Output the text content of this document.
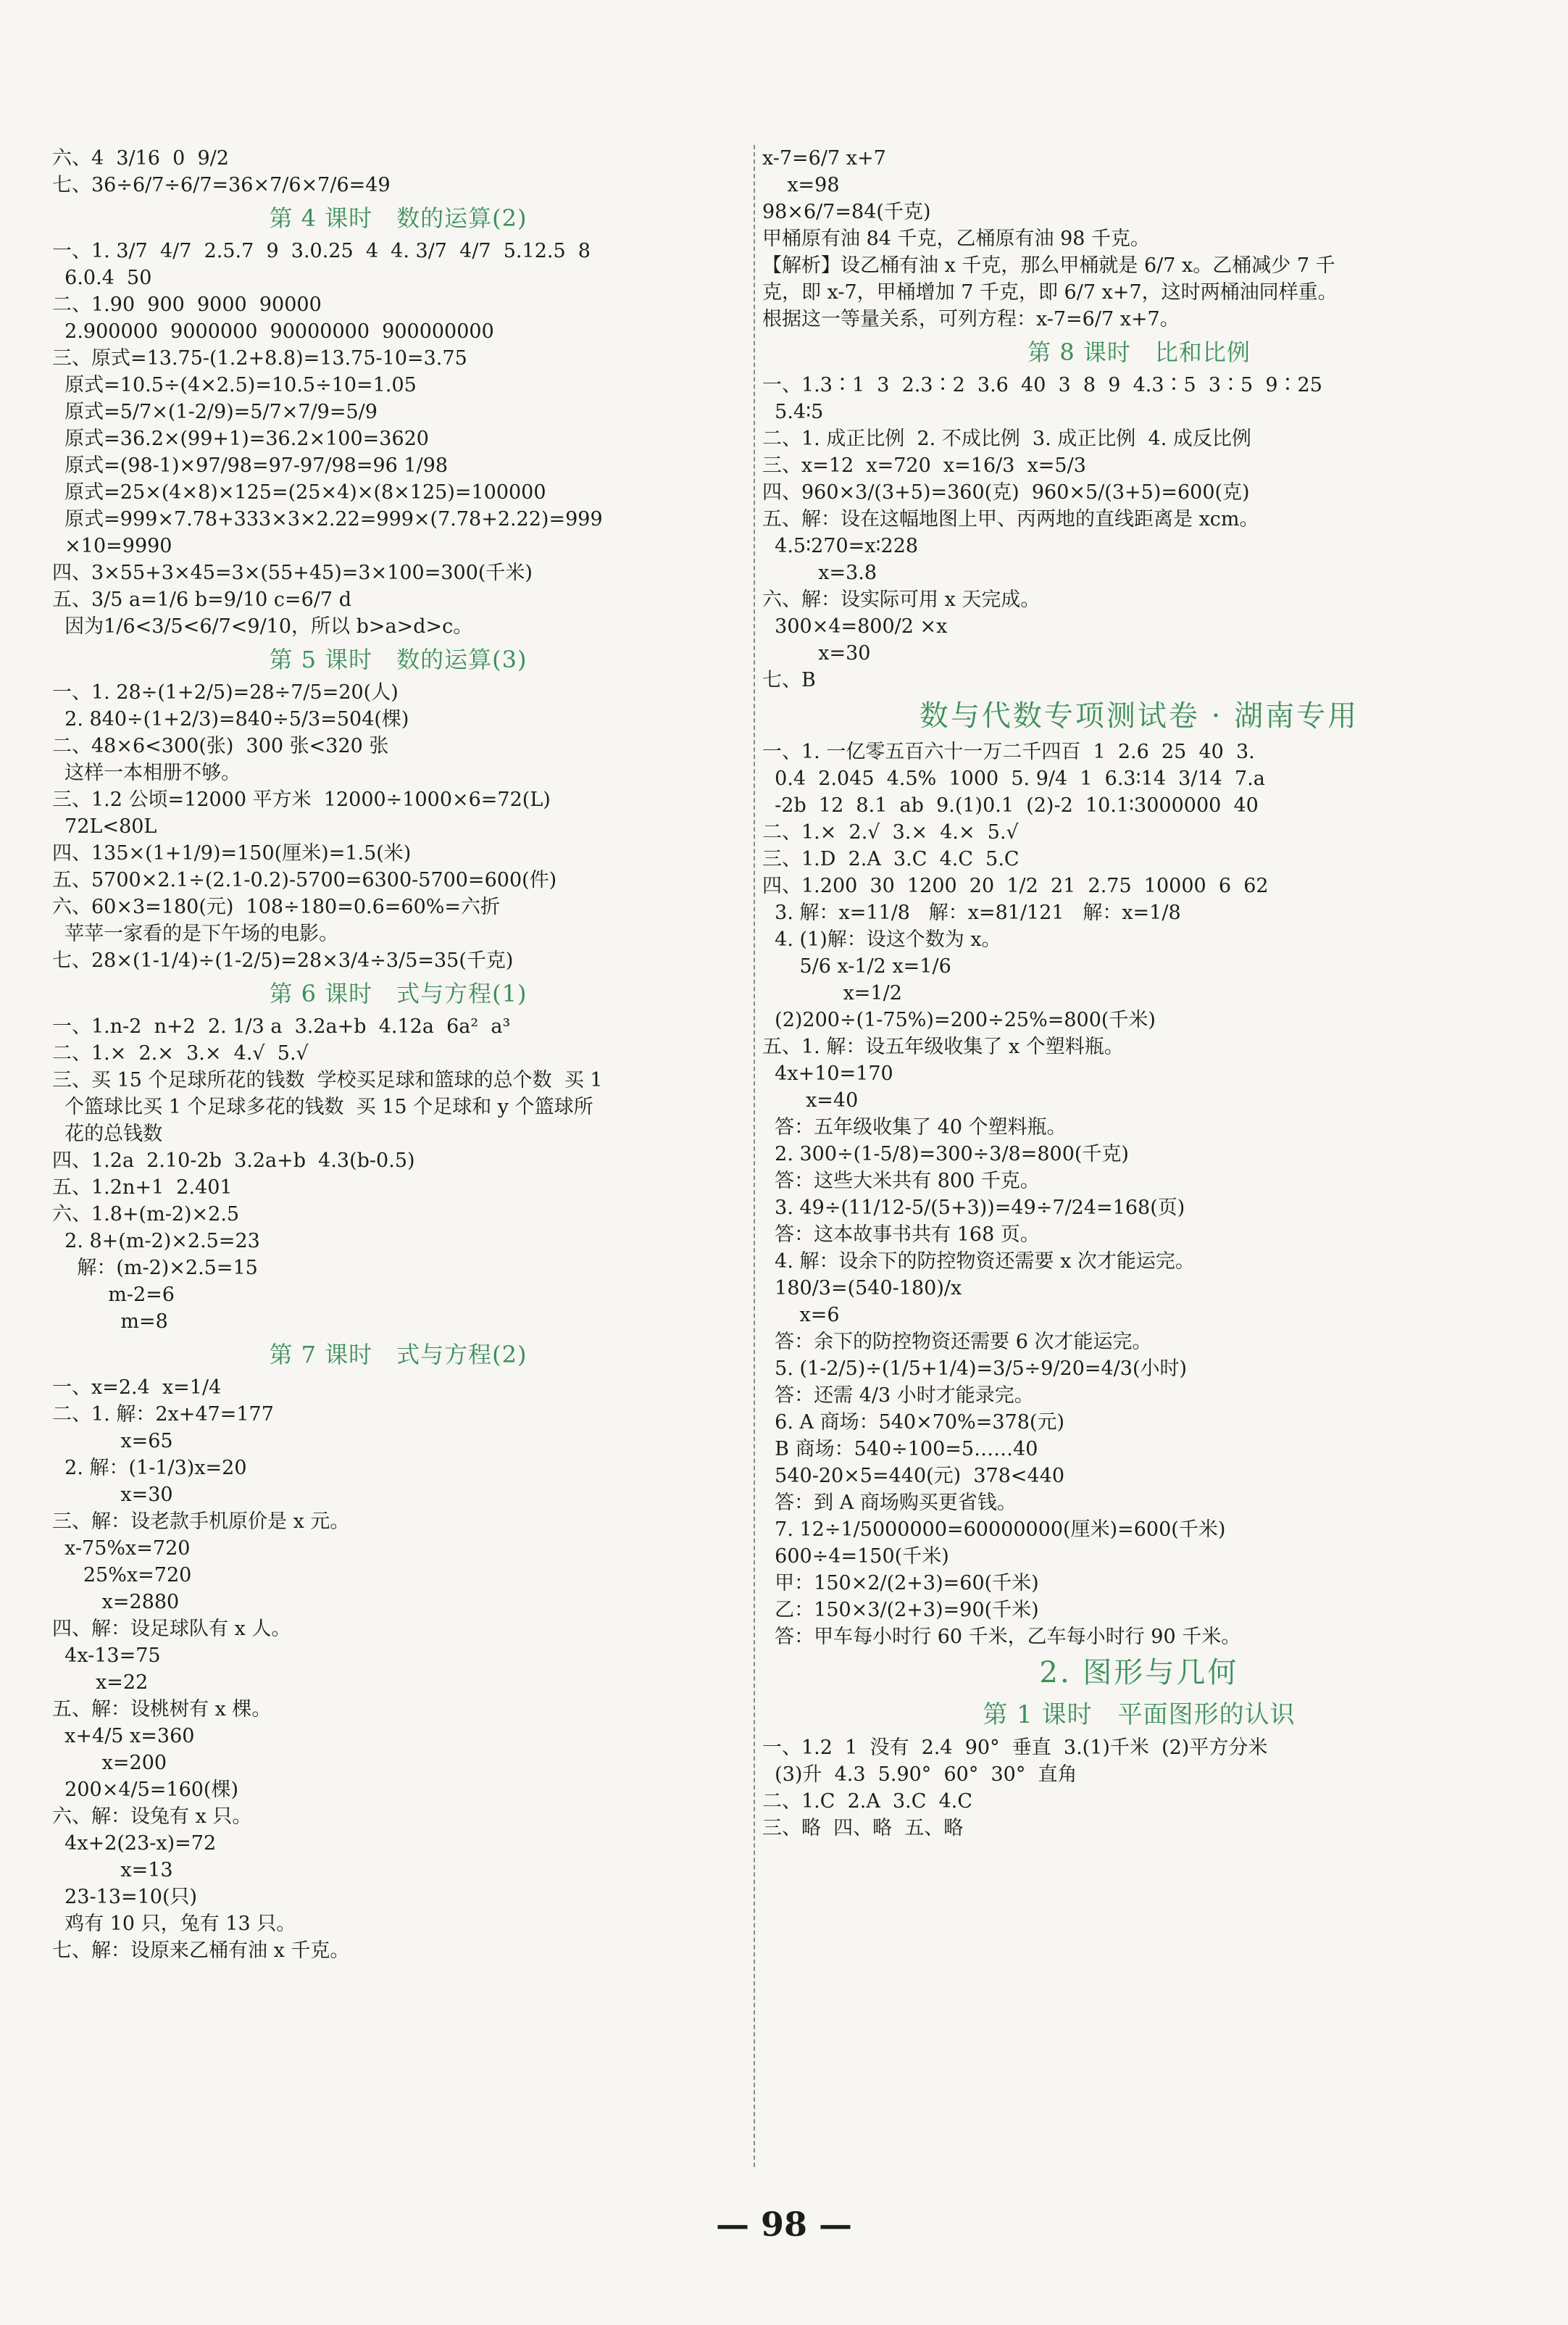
六、4  3/16  0  9/2
七、36÷6/7÷6/7=36×7/6×7/6=49
第 4 课时　数的运算(2)
一、1. 3/7  4/7  2.5.7  9  3.0.25  4  4. 3/7  4/7  5.12.5  8
6.0.4  50
二、1.90  900  9000  90000
2.900000  9000000  90000000  900000000
三、原式=13.75-(1.2+8.8)=13.75-10=3.75
原式=10.5÷(4×2.5)=10.5÷10=1.05
原式=5/7×(1-2/9)=5/7×7/9=5/9
原式=36.2×(99+1)=36.2×100=3620
原式=(98-1)×97/98=97-97/98=96 1/98
原式=25×(4×8)×125=(25×4)×(8×125)=100000
原式=999×7.78+333×3×2.22=999×(7.78+2.22)=999
×10=9990
四、3×55+3×45=3×(55+45)=3×100=300(千米)
五、3/5 a=1/6 b=9/10 c=6/7 d
因为1/6<3/5<6/7<9/10，所以 b>a>d>c。
第 5 课时　数的运算(3)
一、1. 28÷(1+2/5)=28÷7/5=20(人)
2. 840÷(1+2/3)=840÷5/3=504(棵)
二、48×6<300(张)  300 张<320 张
这样一本相册不够。
三、1.2 公顷=12000 平方米  12000÷1000×6=72(L)
72L<80L
四、135×(1+1/9)=150(厘米)=1.5(米)
五、5700×2.1÷(2.1-0.2)-5700=6300-5700=600(件)
六、60×3=180(元)  108÷180=0.6=60%=六折
苹苹一家看的是下午场的电影。
七、28×(1-1/4)÷(1-2/5)=28×3/4÷3/5=35(千克)
第 6 课时　式与方程(1)
一、1.n-2  n+2  2. 1/3 a  3.2a+b  4.12a  6a²  a³
二、1.×  2.×  3.×  4.√  5.√
三、买 15 个足球所花的钱数  学校买足球和篮球的总个数  买 1
个篮球比买 1 个足球多花的钱数  买 15 个足球和 y 个篮球所
花的总钱数
四、1.2a  2.10-2b  3.2a+b  4.3(b-0.5)
五、1.2n+1  2.401
六、1.8+(m-2)×2.5
2. 8+(m-2)×2.5=23
解：(m-2)×2.5=15
m-2=6
m=8
第 7 课时　式与方程(2)
一、x=2.4  x=1/4
二、1. 解：2x+47=177
x=65
2. 解：(1-1/3)x=20
x=30
三、解：设老款手机原价是 x 元。
x-75%x=720
25%x=720
x=2880
四、解：设足球队有 x 人。
4x-13=75
x=22
五、解：设桃树有 x 棵。
x+4/5 x=360
x=200
200×4/5=160(棵)
六、解：设兔有 x 只。
4x+2(23-x)=72
x=13
23-13=10(只)
鸡有 10 只，兔有 13 只。
七、解：设原来乙桶有油 x 千克。
x-7=6/7 x+7
x=98
98×6/7=84(千克)
甲桶原有油 84 千克，乙桶原有油 98 千克。
【解析】设乙桶有油 x 千克，那么甲桶就是 6/7 x。乙桶减少 7 千
克，即 x-7，甲桶增加 7 千克，即 6/7 x+7，这时两桶油同样重。
根据这一等量关系，可列方程：x-7=6/7 x+7。
第 8 课时　比和比例
一、1.3∶1  3  2.3∶2  3.6  40  3  8  9  4.3∶5  3∶5  9∶25
5.4∶5
二、1. 成正比例  2. 不成比例  3. 成正比例  4. 成反比例
三、x=12  x=720  x=16/3  x=5/3
四、960×3/(3+5)=360(克)  960×5/(3+5)=600(克)
五、解：设在这幅地图上甲、丙两地的直线距离是 xcm。
4.5∶270=x∶228
x=3.8
六、解：设实际可用 x 天完成。
300×4=800/2 ×x
x=30
七、B
数与代数专项测试卷 · 湖南专用
一、1. 一亿零五百六十一万二千四百  1  2.6  25  40  3.
0.4  2.045  4.5%  1000  5. 9/4  1  6.3∶14  3/14  7.a
-2b  12  8.1  ab  9.(1)0.1  (2)-2  10.1∶3000000  40
二、1.×  2.√  3.×  4.×  5.√
三、1.D  2.A  3.C  4.C  5.C
四、1.200  30  1200  20  1/2  21  2.75  10000  6  62
3. 解：x=11/8   解：x=81/121   解：x=1/8
4. (1)解：设这个数为 x。
5/6 x-1/2 x=1/6
x=1/2
(2)200÷(1-75%)=200÷25%=800(千米)
五、1. 解：设五年级收集了 x 个塑料瓶。
4x+10=170
x=40
答：五年级收集了 40 个塑料瓶。
2. 300÷(1-5/8)=300÷3/8=800(千克)
答：这些大米共有 800 千克。
3. 49÷(11/12-5/(5+3))=49÷7/24=168(页)
答：这本故事书共有 168 页。
4. 解：设余下的防控物资还需要 x 次才能运完。
180/3=(540-180)/x
x=6
答：余下的防控物资还需要 6 次才能运完。
5. (1-2/5)÷(1/5+1/4)=3/5÷9/20=4/3(小时)
答：还需 4/3 小时才能录完。
6. A 商场：540×70%=378(元)
B 商场：540÷100=5……40
540-20×5=440(元)  378<440
答：到 A 商场购买更省钱。
7. 12÷1/5000000=60000000(厘米)=600(千米)
600÷4=150(千米)
甲：150×2/(2+3)=60(千米)
乙：150×3/(2+3)=90(千米)
答：甲车每小时行 60 千米，乙车每小时行 90 千米。
2. 图形与几何
第 1 课时　平面图形的认识
一、1.2  1  没有  2.4  90°  垂直  3.(1)千米  (2)平方分米
(3)升  4.3  5.90°  60°  30°  直角
二、1.C  2.A  3.C  4.C
三、略  四、略  五、略
— 98 —
